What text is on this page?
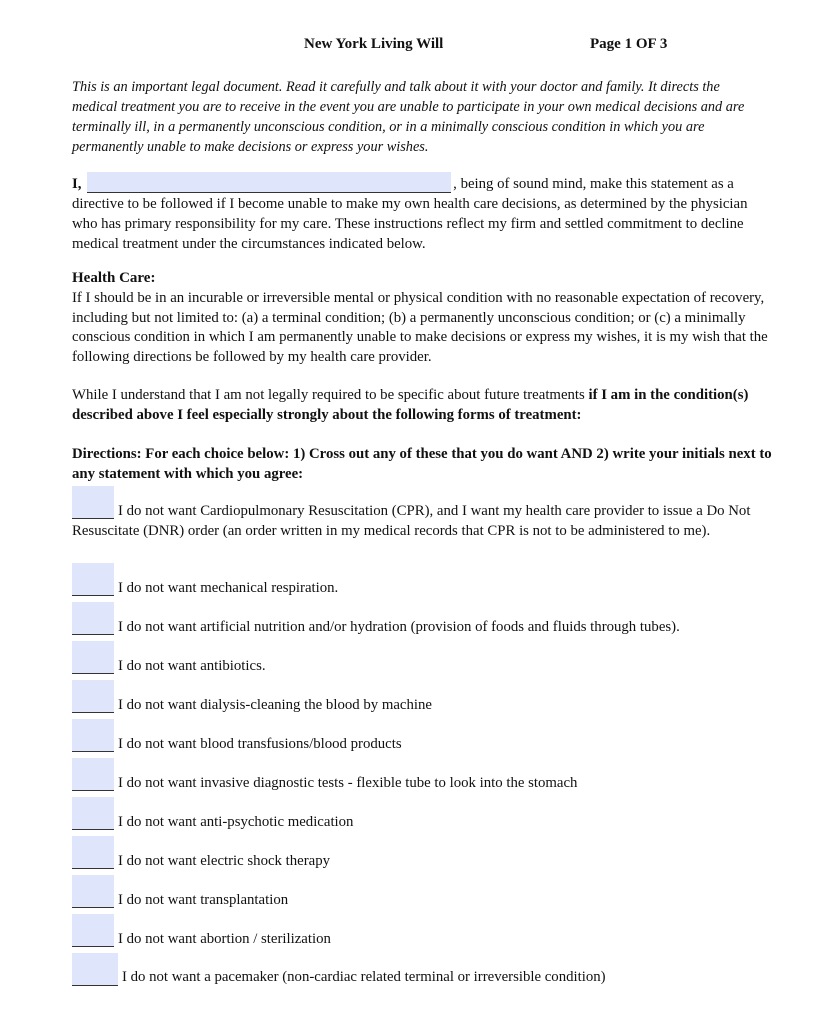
New York Living Will	Page 1 OF 3
This is an important legal document. Read it carefully and talk about it with your doctor and family. It directs the medical treatment you are to receive in the event you are unable to participate in your own medical decisions and are terminally ill, in a permanently unconscious condition, or in a minimally conscious condition in which you are permanently unable to make decisions or express your wishes.
I,	, being of sound mind, make this statement as a directive to be followed if I become unable to make my own health care decisions, as determined by the physician who has primary responsibility for my care. These instructions reflect my firm and settled commitment to decline medical treatment under the circumstances indicated below.
Health Care:
If I should be in an incurable or irreversible mental or physical condition with no reasonable expectation of recovery, including but not limited to: (a) a terminal condition; (b) a permanently unconscious condition; or (c) a minimally conscious condition in which I am permanently unable to make decisions or express my wishes, it is my wish that the following directions be followed by my health care provider.
While I understand that I am not legally required to be specific about future treatments if I am in the condition(s) described above I feel especially strongly about the following forms of treatment:
Directions: For each choice below: 1) Cross out any of these that you do want AND 2) write your initials next to any statement with which you agree:
I do not want Cardiopulmonary Resuscitation (CPR), and I want my health care provider to issue a Do Not Resuscitate (DNR) order (an order written in my medical records that CPR is not to be administered to me).
I do not want mechanical respiration.
I do not want artificial nutrition and/or hydration (provision of foods and fluids through tubes).
I do not want antibiotics.
I do not want dialysis-cleaning the blood by machine
I do not want blood transfusions/blood products
I do not want invasive diagnostic tests - flexible tube to look into the stomach
I do not want anti-psychotic medication
I do not want electric shock therapy
I do not want transplantation
I do not want abortion / sterilization
I do not want a pacemaker (non-cardiac related terminal or irreversible condition)
